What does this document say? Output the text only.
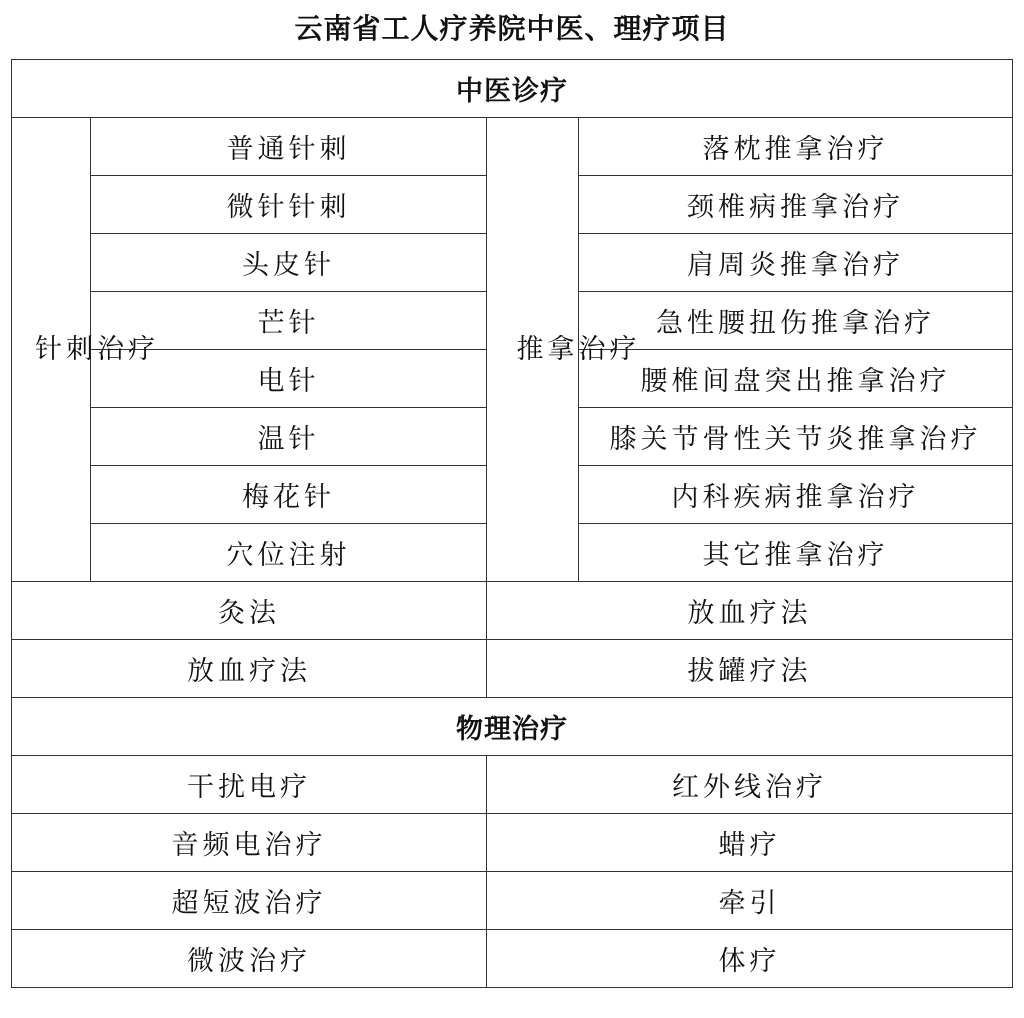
云南省工人疗养院中医、理疗项目
中医诊疗			
针刺治疗	普通针刺	推拿治疗	落枕推拿治疗
	微针针刺		颈椎病推拿治疗
	头皮针		肩周炎推拿治疗
	芒针		急性腰扭伤推拿治疗
	电针		腰椎间盘突出推拿治疗
	温针		膝关节骨性关节炎推拿治疗
	梅花针		内科疾病推拿治疗
	穴位注射		其它推拿治疗
灸法		放血疗法	
放血疗法		拔罐疗法	
物理治疗			
干扰电疗		红外线治疗	
音频电治疗		蜡疗	
超短波治疗		牵引	
微波治疗		体疗	
